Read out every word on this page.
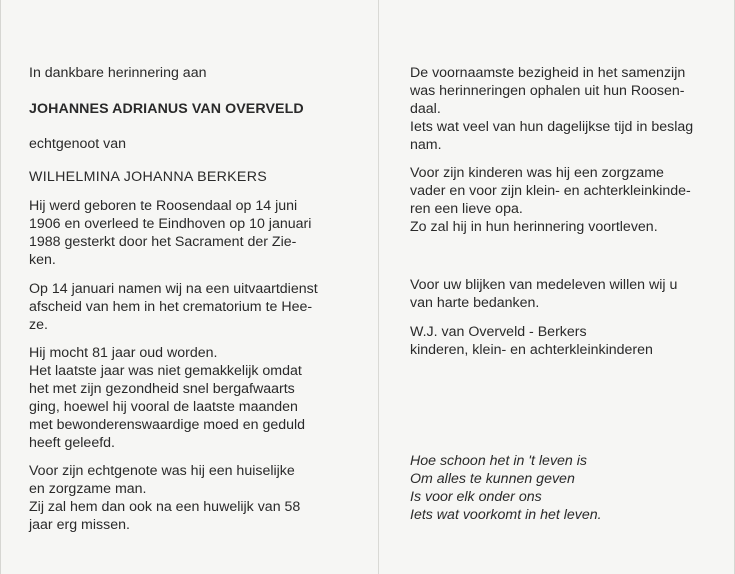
In dankbare herinnering aan
JOHANNES ADRIANUS VAN OVERVELD
echtgenoot van
WILHELMINA JOHANNA BERKERS
Hij werd geboren te Roosendaal op 14 juni
1906 en overleed te Eindhoven op 10 januari
1988 gesterkt door het Sacrament der Zie-
ken.
Op 14 januari namen wij na een uitvaartdienst
afscheid van hem in het crematorium te Hee-
ze.
Hij mocht 81 jaar oud worden.
Het laatste jaar was niet gemakkelijk omdat
het met zijn gezondheid snel bergafwaarts
ging, hoewel hij vooral de laatste maanden
met bewonderenswaardige moed en geduld
heeft geleefd.
Voor zijn echtgenote was hij een huiselijke
en zorgzame man.
Zij zal hem dan ook na een huwelijk van 58
jaar erg missen.
De voornaamste bezigheid in het samenzijn
was herinneringen ophalen uit hun Roosen-
daal.
Iets wat veel van hun dagelijkse tijd in beslag
nam.
Voor zijn kinderen was hij een zorgzame
vader en voor zijn klein- en achterkleinkinde-
ren een lieve opa.
Zo zal hij in hun herinnering voortleven.
Voor uw blijken van medeleven willen wij u
van harte bedanken.
W.J. van Overveld - Berkers
kinderen, klein- en achterkleinkinderen
Hoe schoon het in 't leven is
Om alles te kunnen geven
Is voor elk onder ons
Iets wat voorkomt in het leven.
